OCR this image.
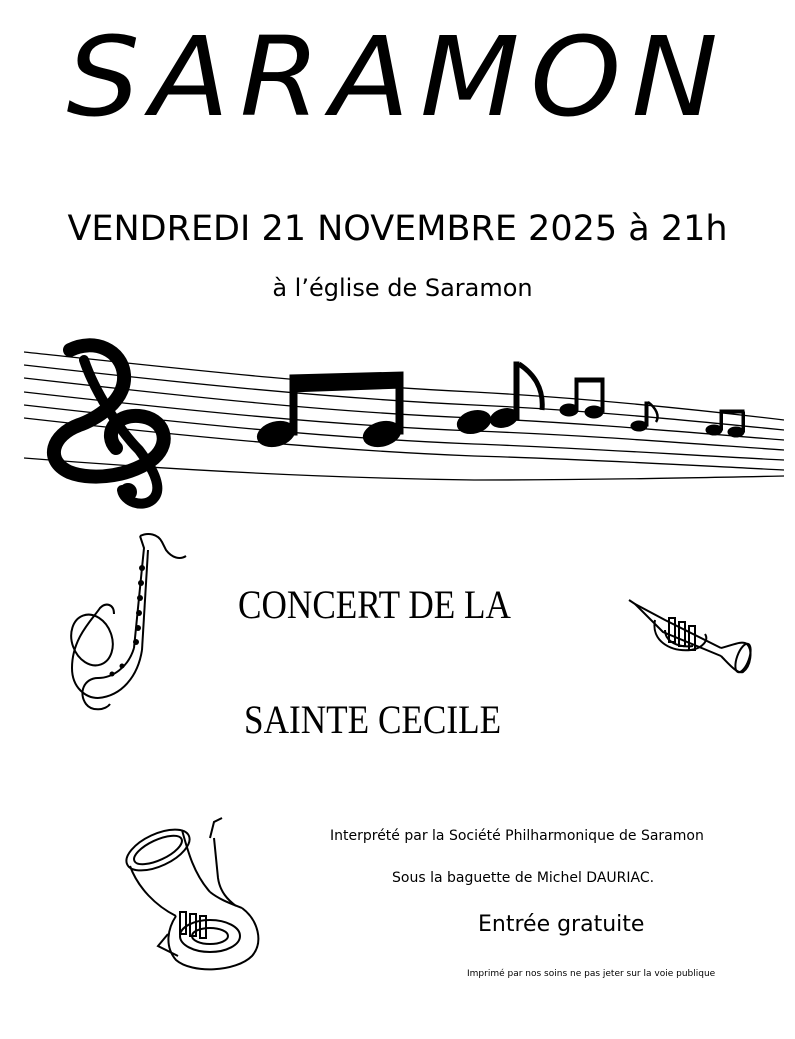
SARAMON
VENDREDI 21 NOVEMBRE 2025 à 21h
à l’église de Saramon
CONCERT DE LA
SAINTE CECILE
Interprété par la Société Philharmonique de Saramon
Sous la baguette de Michel DAURIAC.
Entrée gratuite
Imprimé par nos soins ne pas jeter sur la voie publique
